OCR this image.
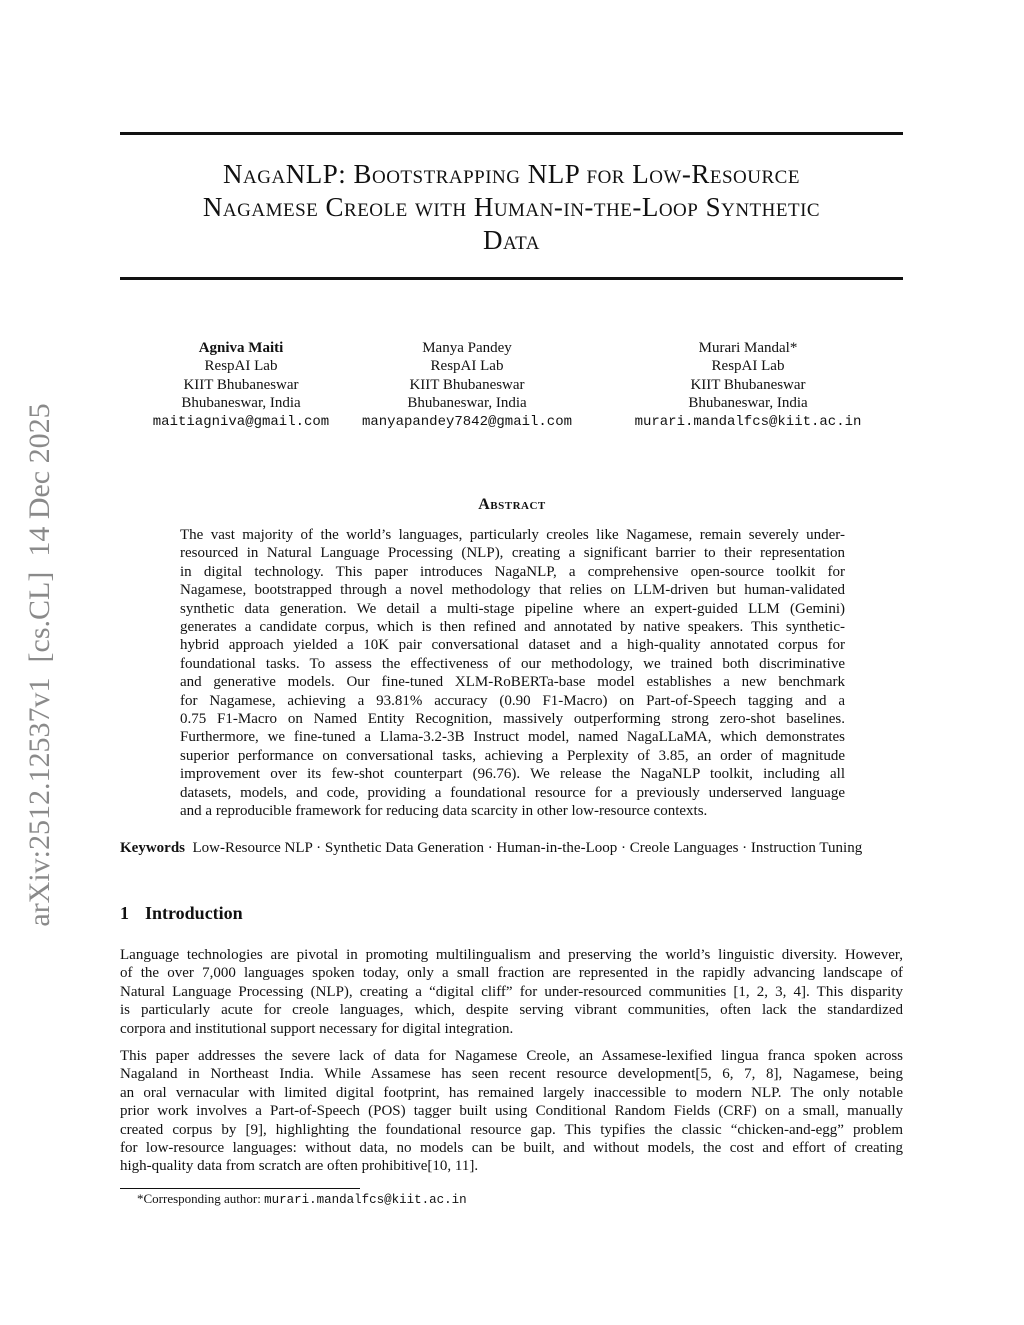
arXiv:2512.12537v1  [cs.CL]  14 Dec 2025
NagaNLP: Bootstrapping NLP for Low-Resource
Nagamese Creole with Human-in-the-Loop Synthetic
Data
Agniva Maiti
RespAI Lab
KIIT Bhubaneswar
Bhubaneswar, India
maitiagniva@gmail.com
Manya Pandey
RespAI Lab
KIIT Bhubaneswar
Bhubaneswar, India
manyapandey7842@gmail.com
Murari Mandal*
RespAI Lab
KIIT Bhubaneswar
Bhubaneswar, India
murari.mandalfcs@kiit.ac.in
Abstract
The vast majority of the world’s languages, particularly creoles like Nagamese, remain severely under-
resourced in Natural Language Processing (NLP), creating a significant barrier to their representation
in digital technology. This paper introduces NagaNLP, a comprehensive open-source toolkit for
Nagamese, bootstrapped through a novel methodology that relies on LLM-driven but human-validated
synthetic data generation. We detail a multi-stage pipeline where an expert-guided LLM (Gemini)
generates a candidate corpus, which is then refined and annotated by native speakers. This synthetic-
hybrid approach yielded a 10K pair conversational dataset and a high-quality annotated corpus for
foundational tasks. To assess the effectiveness of our methodology, we trained both discriminative
and generative models. Our fine-tuned XLM-RoBERTa-base model establishes a new benchmark
for Nagamese, achieving a 93.81% accuracy (0.90 F1-Macro) on Part-of-Speech tagging and a
0.75 F1-Macro on Named Entity Recognition, massively outperforming strong zero-shot baselines.
Furthermore, we fine-tuned a Llama-3.2-3B Instruct model, named NagaLLaMA, which demonstrates
superior performance on conversational tasks, achieving a Perplexity of 3.85, an order of magnitude
improvement over its few-shot counterpart (96.76). We release the NagaNLP toolkit, including all
datasets, models, and code, providing a foundational resource for a previously underserved language
and a reproducible framework for reducing data scarcity in other low-resource contexts.
Keywords Low-Resource NLP · Synthetic Data Generation · Human-in-the-Loop · Creole Languages · Instruction Tuning
1 Introduction
Language technologies are pivotal in promoting multilingualism and preserving the world’s linguistic diversity. However,
of the over 7,000 languages spoken today, only a small fraction are represented in the rapidly advancing landscape of
Natural Language Processing (NLP), creating a “digital cliff” for under-resourced communities [1, 2, 3, 4]. This disparity
is particularly acute for creole languages, which, despite serving vibrant communities, often lack the standardized
corpora and institutional support necessary for digital integration.
This paper addresses the severe lack of data for Nagamese Creole, an Assamese-lexified lingua franca spoken across
Nagaland in Northeast India. While Assamese has seen recent resource development[5, 6, 7, 8], Nagamese, being
an oral vernacular with limited digital footprint, has remained largely inaccessible to modern NLP. The only notable
prior work involves a Part-of-Speech (POS) tagger built using Conditional Random Fields (CRF) on a small, manually
created corpus by [9], highlighting the foundational resource gap. This typifies the classic “chicken-and-egg” problem
for low-resource languages: without data, no models can be built, and without models, the cost and effort of creating
high-quality data from scratch are often prohibitive[10, 11].
*Corresponding author: murari.mandalfcs@kiit.ac.in
